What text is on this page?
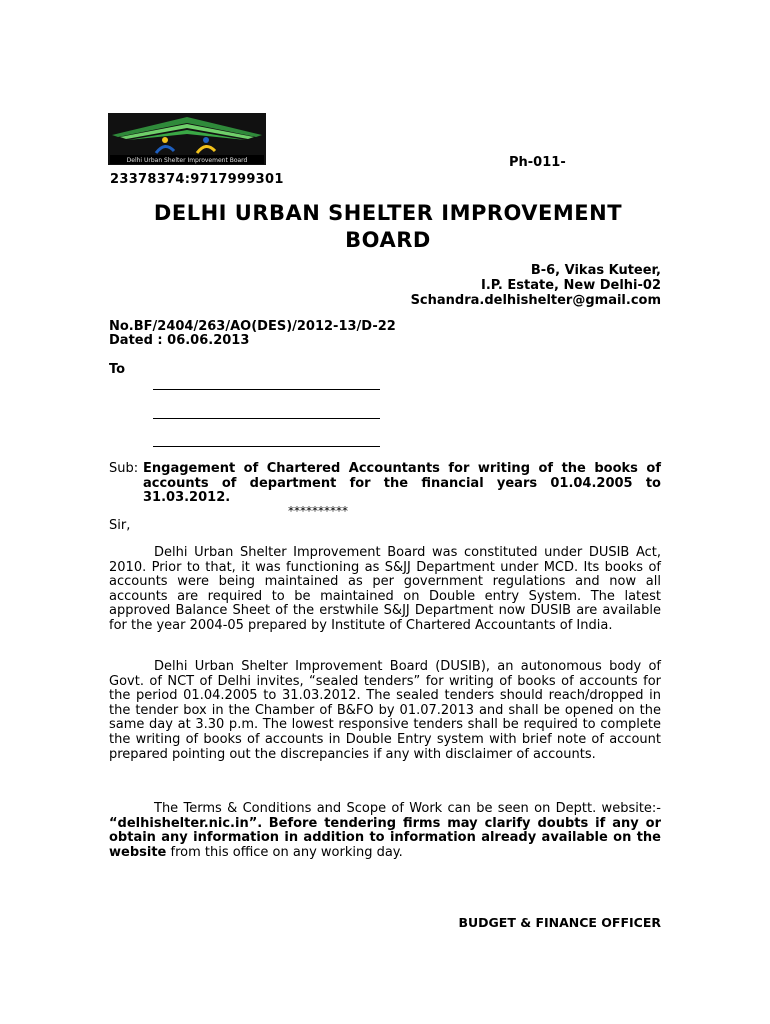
Delhi Urban Shelter Improvement Board	Ph-011-
23378374:9717999301
DELHI URBAN SHELTER IMPROVEMENT
BOARD
B-6, Vikas Kuteer,
I.P. Estate, New Delhi-02
Schandra.delhishelter@gmail.com
No.BF/2404/263/AO(DES)/2012-13/D-22
Dated : 06.06.2013
To
Sub: Engagement of Chartered Accountants for writing of the books of accounts of department for the financial years 01.04.2005 to 31.03.2012.
**********
Sir,
Delhi Urban Shelter Improvement Board was constituted under DUSIB Act, 2010. Prior to that, it was functioning as S&JJ Department under MCD. Its books of accounts were being maintained as per government regulations and now all accounts are required to be maintained on Double entry System. The latest approved Balance Sheet of the erstwhile S&JJ Department now DUSIB are available for the year 2004-05 prepared by Institute of Chartered Accountants of India.
Delhi Urban Shelter Improvement Board (DUSIB), an autonomous body of Govt. of NCT of Delhi invites, “sealed tenders” for writing of books of accounts for the period 01.04.2005 to 31.03.2012. The sealed tenders should reach/dropped in the tender box in the Chamber of B&FO by 01.07.2013 and shall be opened on the same day at 3.30 p.m. The lowest responsive tenders shall be required to complete the writing of books of accounts in Double Entry system with brief note of account prepared pointing out the discrepancies if any with disclaimer of accounts.
The Terms & Conditions and Scope of Work can be seen on Deptt. website:- “delhishelter.nic.in”. Before tendering firms may clarify doubts if any or obtain any information in addition to information already available on the website from this office on any working day.
BUDGET & FINANCE OFFICER
